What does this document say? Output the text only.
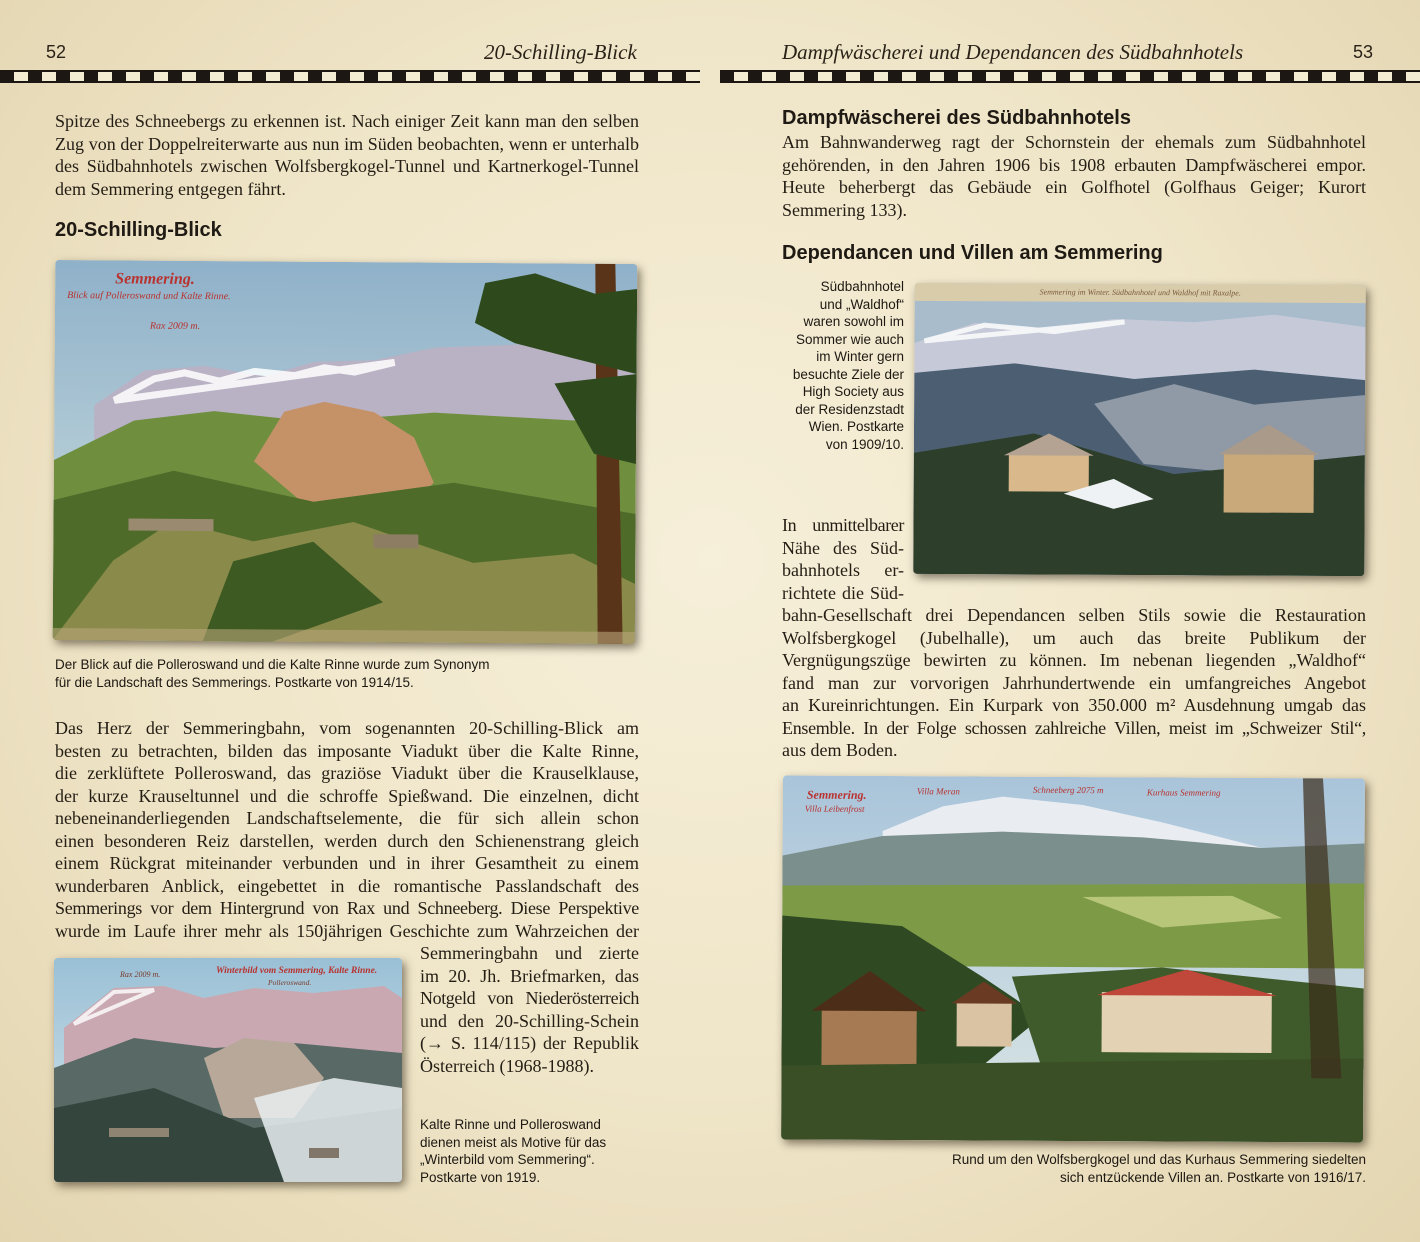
52	20-Schilling-Blick	Dampfwäscherei und Dependancen des Südbahnhotels	53

Spitze des Schneebergs zu erkennen ist. Nach einiger Zeit kann man den selben

Zug von der Doppelreiterwarte aus nun im Süden beobachten, wenn er unterhalb

des Südbahnhotels zwischen Wolfsbergkogel-Tunnel und Kartnerkogel-Tunnel

dem Semmering entgegen fährt.

20-Schilling-Blick
Semmering.
Blick auf Polleroswand und Kalte Rinne.
Rax 2009 m.
Der Blick auf die Polleroswand und die Kalte Rinne wurde zum Synonym
für die Landschaft des Semmerings. Postkarte von 1914/15.

Das Herz der Semmeringbahn, vom sogenannten 20-Schilling-Blick am

besten zu betrachten, bilden das imposante Viadukt über die Kalte Rinne,

die zerklüftete Polleroswand, das graziöse Viadukt über die Krauselklause,

der kurze Krauseltunnel und die schroffe Spießwand. Die einzelnen, dicht

nebeneinanderliegenden Landschaftselemente, die für sich allein schon

einen besonderen Reiz darstellen, werden durch den Schienenstrang gleich

einem Rückgrat miteinander verbunden und in ihrer Gesamtheit zu einem

wunderbaren Anblick, eingebettet in die romantische Passlandschaft des

Semmerings vor dem Hintergrund von Rax und Schneeberg. Diese Perspektive

wurde im Laufe ihrer mehr als 150jährigen Geschichte zum Wahrzeichen der

Semmeringbahn und zierte

im 20. Jh. Briefmarken, das

Notgeld von Niederösterreich

und den 20-Schilling-Schein

(→ S. 114/115) der Republik

Österreich (1968-1988).

Rax 2009 m.	Winterbild vom Semmering, Kalte Rinne.
Polleroswand.
Kalte Rinne und Polleroswand
dienen meist als Motive für das
„Winterbild vom Semmering“.
Postkarte von 1919.
Dampfwäscherei des Südbahnhotels

Am Bahnwanderweg ragt der Schornstein der ehemals zum Südbahnhotel

gehörenden, in den Jahren 1906 bis 1908 erbauten Dampfwäscherei empor.

Heute beherbergt das Gebäude ein Golfhotel (Golfhaus Geiger; Kurort

Semmering 133).

Dependancen und Villen am Semmering
Südbahnhotel
und „Waldhof“
waren sowohl im
Sommer wie auch
im Winter gern
besuchte Ziele der
High Society aus
der Residenzstadt
Wien. Postkarte
von 1909/10.
Semmering im Winter. Südbahnhotel und Waldhof mit Raxalpe.

In unmittelbarer

Nähe des Süd-

bahnhotels er-

richtete die Süd-

bahn-Gesellschaft drei Dependancen selben Stils sowie die Restauration

Wolfsbergkogel (Jubelhalle), um auch das breite Publikum der

Vergnügungszüge bewirten zu können. Im nebenan liegenden „Waldhof“

fand man zur vorvorigen Jahrhundertwende ein umfangreiches Angebot

an Kureinrichtungen. Ein Kurpark von 350.000 m² Ausdehnung umgab das

Ensemble. In der Folge schossen zahlreiche Villen, meist im „Schweizer Stil“,

aus dem Boden.

Semmering.
Villa Leibenfrost
Villa Meran	Schneeberg 2075 m	Kurhaus Semmering
Rund um den Wolfsbergkogel und das Kurhaus Semmering siedelten
sich entzückende Villen an. Postkarte von 1916/17.
